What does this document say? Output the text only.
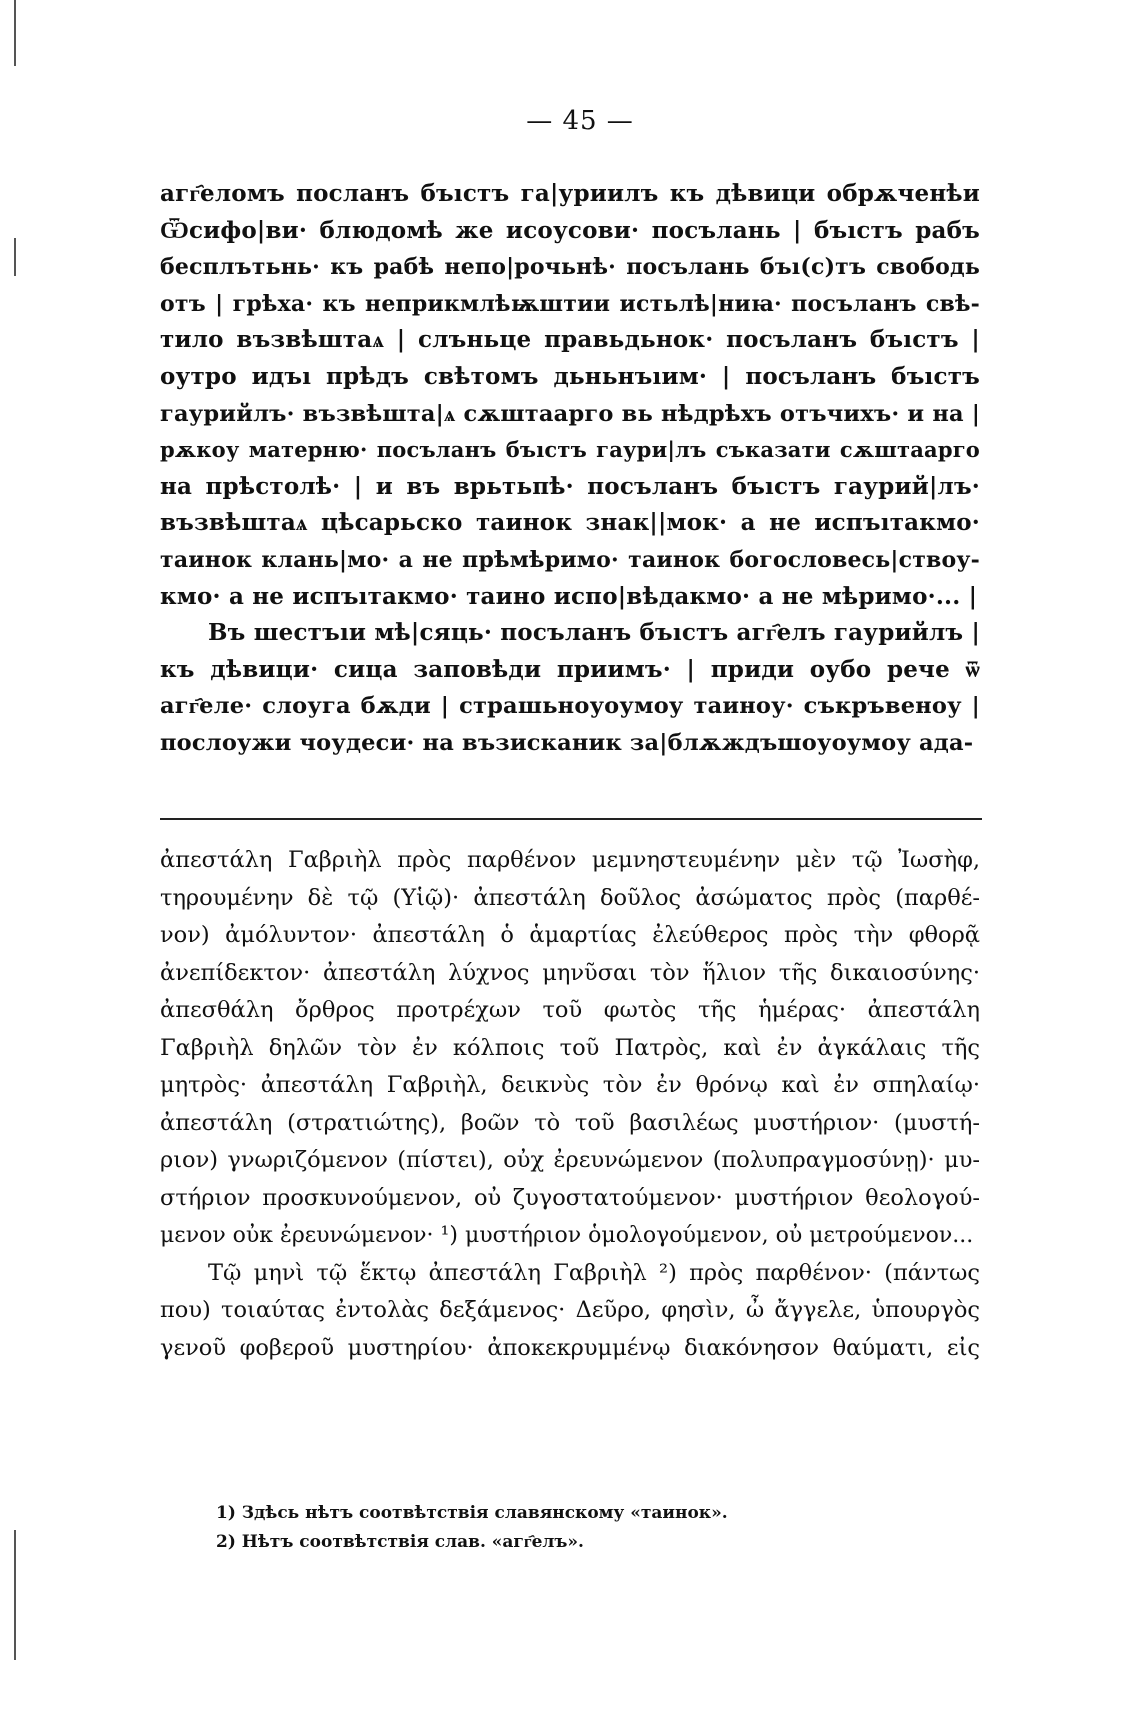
— 45 —
агг҄еломъ посланъ бъıстъ га|уриилъ къ дѣвици обрѫченѣи
Ѿсифо|ви· блюдомѣ же исоусови· посълань | бъıстъ рабъ
бесплътьнь· къ рабѣ непо|рочьнѣ· посълань бъı(с)тъ свободь
отъ | грѣха· къ неприкмлѣѭштии истьлѣ|ниꙗ· посъланъ свѣ-
тило възвѣштаѧ | слъньце правьдьнок· посъланъ бъıстъ |
оутро идъı прѣдъ свѣтомъ дьньнъıим· | посъланъ бъıстъ
гаурийлъ· възвѣшта|ѧ сѫштаарго вь нѣдрѣхъ отъчихъ· и на |
рѫкоу матерню· посъланъ бъıстъ гаури|лъ съказати сѫштаарго
на прѣстолѣ· | и въ врьтьпѣ· посъланъ бъıстъ гаурий|лъ·
възвѣштаѧ цѣсарьско таинок знак||мок· а не испъıтакмо·
таинок клань|мо· а не прѣмѣримо· таинок богословесь|ствоу-
кмо· а не испъıтакмо· таино испо|вѣдакмо· а не мѣримо·... |
Въ шестъıи мѣ|сяць· посъланъ бъıстъ агг҄елъ гаурийлъ |
къ дѣвици· сица заповѣди приимъ· | приди оубо рече ѿ
агг҄еле· слоуга бѫди | страшьноуоумоу таиноу· съкръвеноу |
послоужи чоудеси· на възисканик за|блѫждъшоуоумоу ада-
ἀπεστάλη Γαβριὴλ πρὸς παρθένον μεμνηστευμένην μὲν τῷ Ἰωσὴφ,
τηρουμένην δὲ τῷ (Υἱῷ)· ἀπεστάλη δοῦλος ἀσώματος πρὸς (παρθέ-
νον) ἀμόλυντον· ἀπεστάλη ὁ ἁμαρτίας ἐλεύθερος πρὸς τὴν φθορᾷ
ἀνεπίδεκτον· ἀπεστάλη λύχνος μηνῦσαι τὸν ἥλιον τῆς δικαιοσύνης·
ἀπεσθάλη ὄρθρος προτρέχων τοῦ φωτὸς τῆς ἡμέρας· ἀπεστάλη
Γαβριὴλ δηλῶν τὸν ἐν κόλποις τοῦ Πατρὸς, καὶ ἐν ἀγκάλαις τῆς
μητρὸς· ἀπεστάλη Γαβριὴλ, δεικνὺς τὸν ἐν θρόνῳ καὶ ἐν σπηλαίῳ·
ἀπεστάλη (στρατιώτης), βοῶν τὸ τοῦ βασιλέως μυστήριον· (μυστή-
ριον) γνωριζόμενον (πίστει), οὐχ ἐρευνώμενον (πολυπραγμοσύνῃ)· μυ-
στήριον προσκυνούμενον, οὐ ζυγοστατούμενον· μυστήριον θεολογού-
μενον οὐκ ἐρευνώμενον· ¹) μυστήριον ὁμολογούμενον, οὐ μετρούμενον...
Τῷ μηνὶ τῷ ἕκτῳ ἀπεστάλη Γαβριὴλ ²) πρὸς παρθένον· (πάντως
που) τοιαύτας ἐντολὰς δεξάμενος· Δεῦρο, φησὶν, ὦ ἄγγελε, ὑπουργὸς
γενοῦ φοβεροῦ μυστηρίου· ἀποκεκρυμμένῳ διακόνησον θαύματι, εἰς
1) Здѣсь нѣтъ соотвѣтствія славянскому «таинок».
2) Нѣтъ соотвѣтствія слав. «агг҄елъ».
